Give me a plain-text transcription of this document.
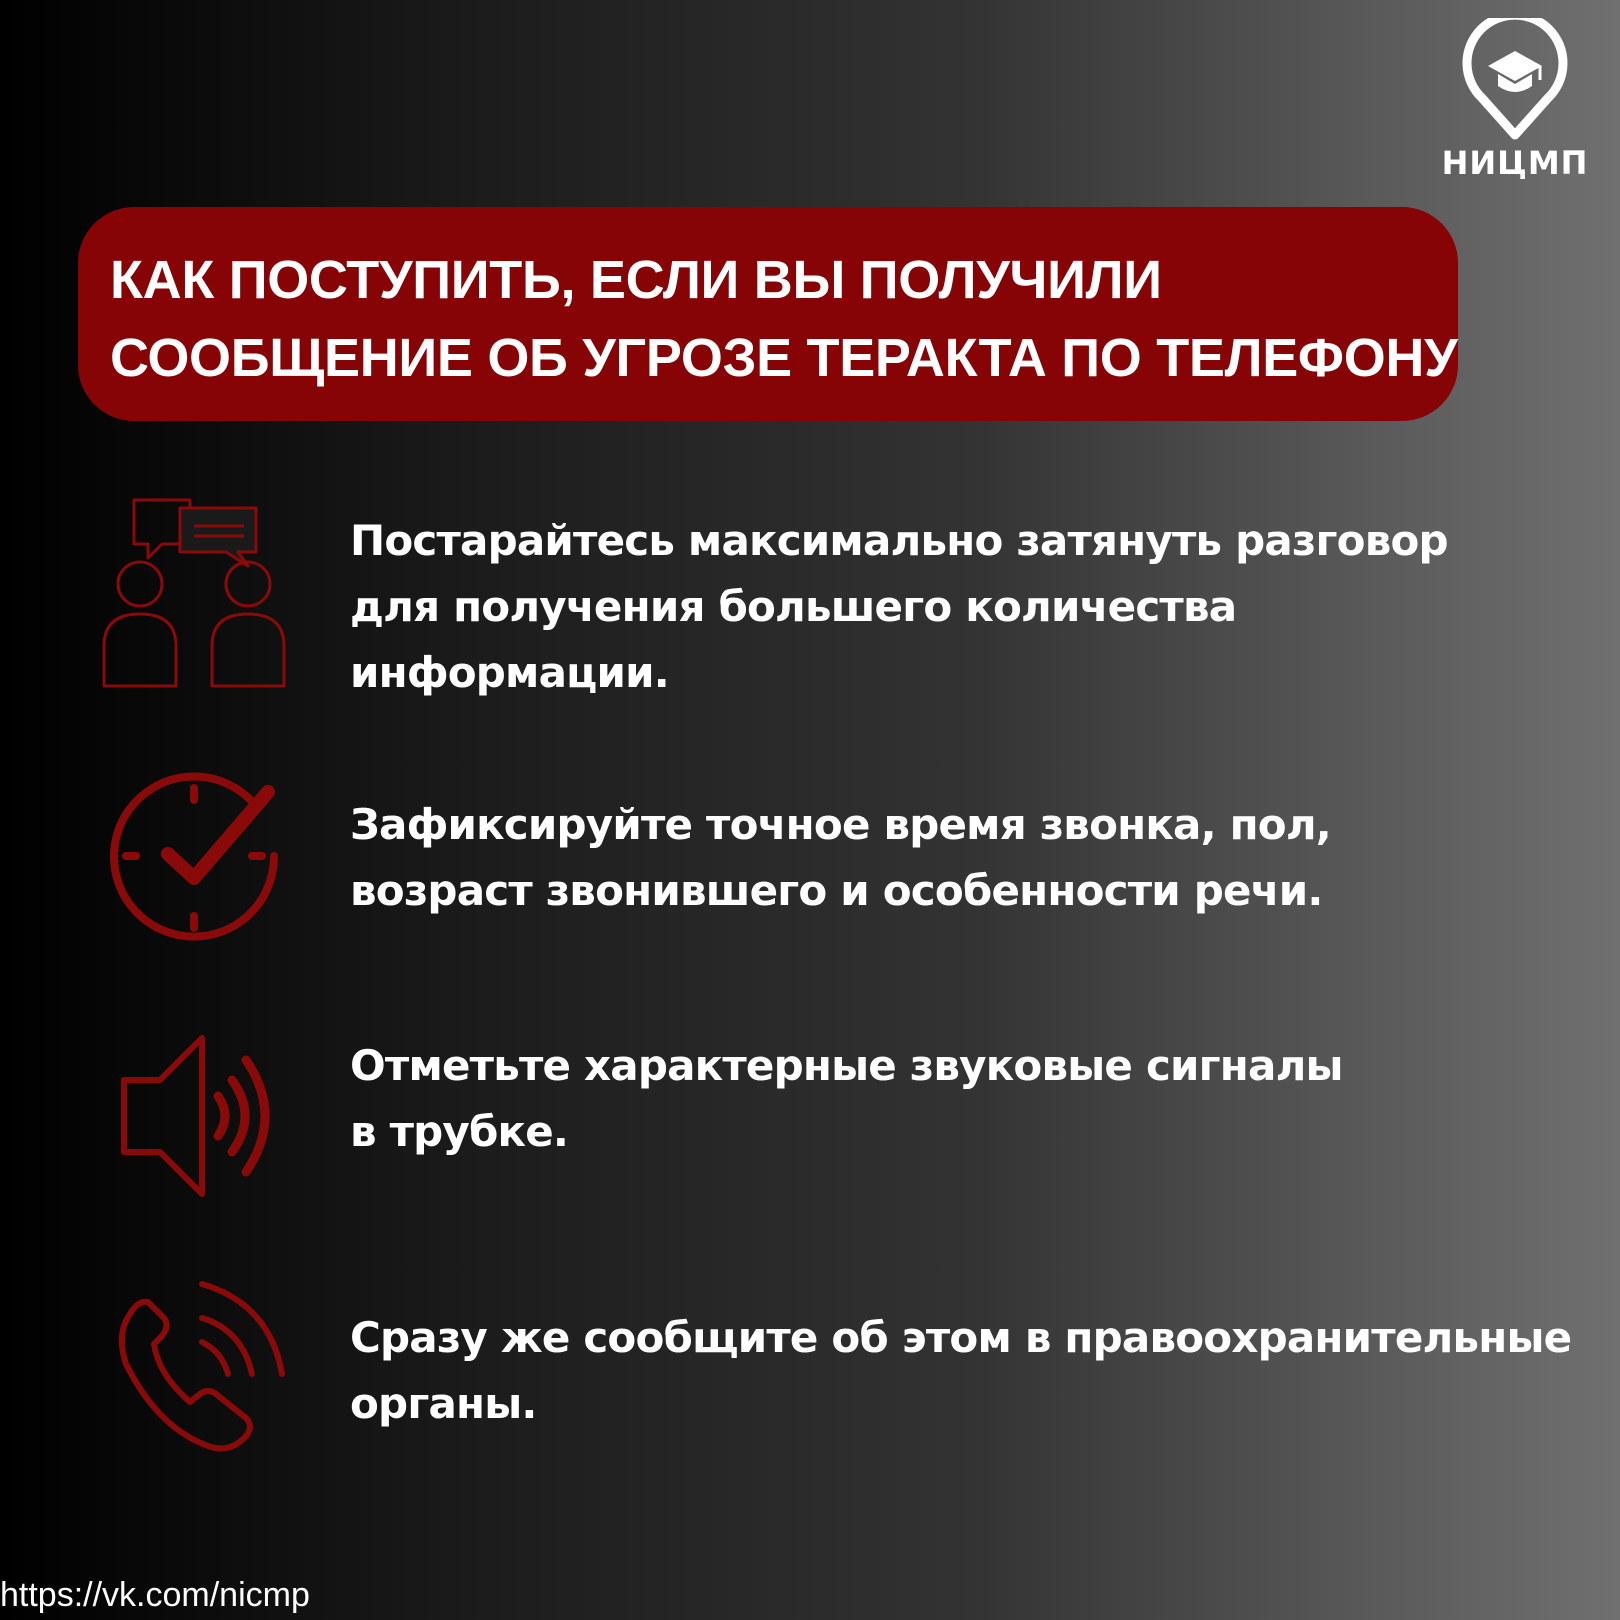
НИЦМП
КАК ПОСТУПИТЬ, ЕСЛИ ВЫ ПОЛУЧИЛИ
СООБЩЕНИЕ ОБ УГРОЗЕ ТЕРАКТА ПО ТЕЛЕФОНУ

Постарайтесь максимально затянуть разговор
для получения большего количества
информации.

Зафиксируйте точное время звонка, пол,
возраст звонившего и особенности речи.

Отметьте характерные звуковые сигналы
в трубке.

Сразу же сообщите об этом в правоохранительные
органы.

https://vk.com/nicmp
